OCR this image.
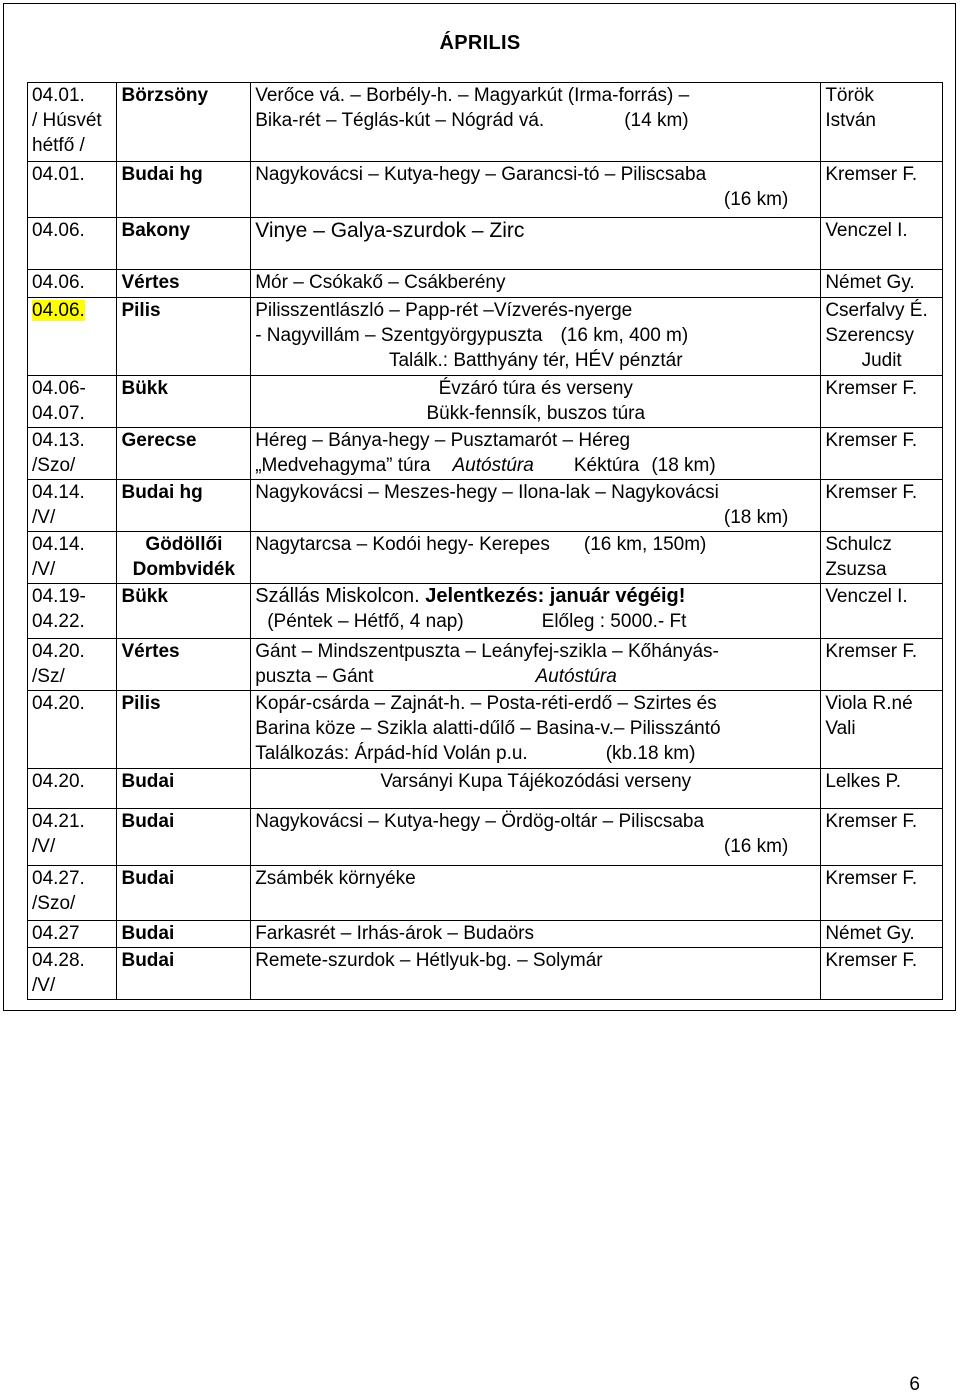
ÁPRILIS
04.01.
/ Húsvét
hétfő /	Börzsöny	Verőce vá. – Borbély-h. – Magyarkút (Irma-forrás) –
Bika-rét – Téglás-kút – Nógrád vá. (14 km)	Török
István

04.01.	Budai hg	Nagykovácsi – Kutya-hegy – Garancsi-tó – Piliscsaba
(16 km)	Kremser F.

04.06.	Bakony	Vinye – Galya-szurdok – Zirc	Venczel I.

04.06.	Vértes	Mór – Csókakő – Csákberény	Német Gy.

04.06.	Pilis	Pilisszentlászló – Papp-rét –Vízverés-nyerge
- Nagyvillám – Szentgyörgypuszta (16 km, 400 m)
Találk.: Batthyány tér, HÉV pénztár	Cserfalvy É.
Szerencsy
Judit

04.06-
04.07.	Bükk	Évzáró túra és verseny
Bükk-fennsík, buszos túra	Kremser F.

04.13.
/Szo/	Gerecse	Héreg – Bánya-hegy – Pusztamarót – Héreg
„Medvehagyma” túra Autóstúra Kéktúra (18 km)	Kremser F.

04.14.
/V/	Budai hg	Nagykovácsi – Meszes-hegy – Ilona-lak – Nagykovácsi
(18 km)	Kremser F.

04.14.
/V/	Gödöllői
Dombvidék	Nagytarcsa – Kodói hegy- Kerepes (16 km, 150m)	Schulcz
Zsuzsa

04.19-
04.22.	Bükk	Szállás Miskolcon. Jelentkezés: január végéig!
(Péntek – Hétfő, 4 nap) Előleg : 5000.- Ft	Venczel I.

04.20.
/Sz/	Vértes	Gánt – Mindszentpuszta – Leányfej-szikla – Kőhányás-
puszta – Gánt Autóstúra	Kremser F.

04.20.	Pilis	Kopár-csárda – Zajnát-h. – Posta-réti-erdő – Szirtes és
Barina köze – Szikla alatti-dűlő – Basina-v.– Pilisszántó
Találkozás: Árpád-híd Volán p.u. (kb.18 km)	Viola R.né
Vali

04.20.	Budai	Varsányi Kupa Tájékozódási verseny	Lelkes P.

04.21.
/V/	Budai	Nagykovácsi – Kutya-hegy – Ördög-oltár – Piliscsaba
(16 km)	Kremser F.

04.27.
/Szo/	Budai	Zsámbék környéke	Kremser F.

04.27	Budai	Farkasrét – Irhás-árok – Budaörs	Német Gy.

04.28.
/V/	Budai	Remete-szurdok – Hétlyuk-bg. – Solymár	Kremser F.
6
